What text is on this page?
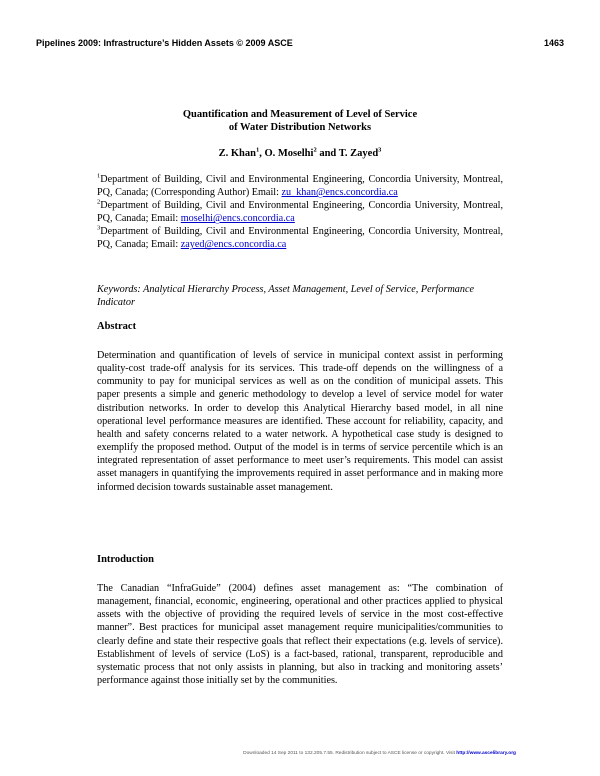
Pipelines 2009: Infrastructure’s Hidden Assets © 2009 ASCE	1463
Quantification and Measurement of Level of Service
of Water Distribution Networks
Z. Khan$^1$, O. Moselhi$^2$ and T. Zayed$^3$

$^1$Department of Building, Civil and Environmental Engineering, Concordia University, Montreal, PQ, Canada; (Corresponding Author) Email: zu_khan@encs.concordia.ca

$^2$Department of Building, Civil and Environmental Engineering, Concordia University, Montreal, PQ, Canada; Email: moselhi@encs.concordia.ca

$^3$Department of Building, Civil and Environmental Engineering, Concordia University, Montreal, PQ, Canada; Email: zayed@encs.concordia.ca

Keywords: Analytical Hierarchy Process, Asset Management, Level of Service, Performance Indicator
Abstract

Determination and quantification of levels of service in municipal context assist in performing quality-cost trade-off analysis for its services. This trade-off depends on the willingness of a community to pay for municipal services as well as on the condition of municipal assets. This paper presents a simple and generic methodology to develop a level of service model for water distribution networks. In order to develop this Analytical Hierarchy based model, in all nine operational level performance measures are identified. These account for reliability, capacity, and health and safety concerns related to a water network. A hypothetical case study is designed to exemplify the proposed method. Output of the model is in terms of service percentile which is an integrated representation of asset performance to meet user’s requirements. This model can assist asset managers in quantifying the improvements required in asset performance and in making more informed decision towards sustainable asset management.

Introduction

The Canadian “InfraGuide” (2004) defines asset management as: “The combination of management, financial, economic, engineering, operational and other practices applied to physical assets with the objective of providing the required levels of service in the most cost-effective manner”. Best practices for municipal asset management require municipalities/communities to clearly define and state their respective goals that reflect their expectations (e.g. levels of service). Establishment of levels of service (LoS) is a fact-based, rational, transparent, reproducible and systematic process that not only assists in planning, but also in tracking and monitoring assets’ performance against those initially set by the communities.

Downloaded 14 Sep 2011 to 132.205.7.55. Redistribution subject to ASCE license or copyright. Visit http://www.ascelibrary.org
